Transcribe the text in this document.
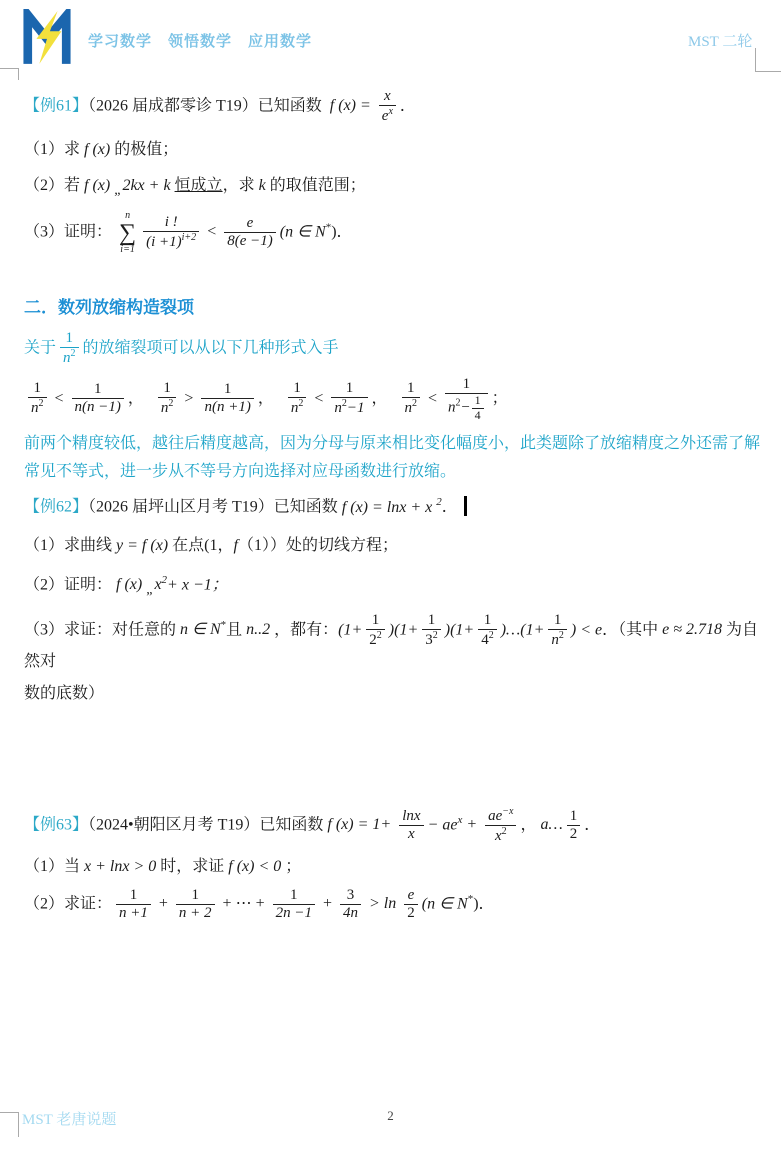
学习数学　领悟数学　应用数学	MST 二轮
【例61】（2026 届成都零诊 T19）已知函数 f $(x) = \frac{x}{e^x}$ ．
（1）求 f (x) 的极值；
（2）若 f (x) „ 2kx + k 恒成立，求 k 的取值范围；
（3）证明：
n
∑
$i=1 \frac{i !}{(i +1)^{i+2}} < \frac{e}{8(e -1)} (n$ ∈ N*)．
二．数列放缩构造裂项
关于 $\frac{1}{n^2}$ 的放缩裂项可以从以下几种形式入手
$\frac{1}{n^2} < \frac{1}{n(n -1)}$ ， $\frac{1}{n^2} > \frac{1}{n(n +1)}$ ， $\frac{1}{n^2} < \frac{1}{n^2-1}$ ， $\frac{1}{n^2} < \frac{1}{n^2- \frac{1}{4}}$ ；
前两个精度较低，越往后精度越高，因为分母与原来相比变化幅度小，此类题除了放缩精度之外还需了解常见不等式，进一步从不等号方向选择对应母函数进行放缩。
【例62】（2026 届坪山区月考 T19）已知函数 f (x) = lnx + x $^2$．
（1）求曲线 y = f (x) 在点(1，f（1））处的切线方程；
（2）证明： f (x) „ $x^2+ x -1$；
（3）求证：对任意的 n ∈ N*且 n..2 ，都有：$(1+ \frac{1}{2^2} )(1+ \frac{1}{3^2} )(1+ \frac{1}{4^2}$ )…(1+ $\frac{1}{n^2}$ ) < e．（其中 e ≈ 2.718 为自然对
数的底数）
【例63】（2024•朝阳区月考 T19）已知函数 f $(x) = 1+ \frac{\ln x}{x} - ae^x + \frac{ae^{-x}}{x^2}$ ， a… $\frac{1}{2}$ ．
（1）当 x + lnx > 0 时，求证 f (x) < 0 ；
（2）求证： $\frac{1}{n +1} + \frac{1}{n + 2}$ + ⋯ + $\frac{1}{2n -1} + \frac{3}{4n} > \ln \frac{e}{2} (n$ ∈ N*)．
MST 老唐说题	2
